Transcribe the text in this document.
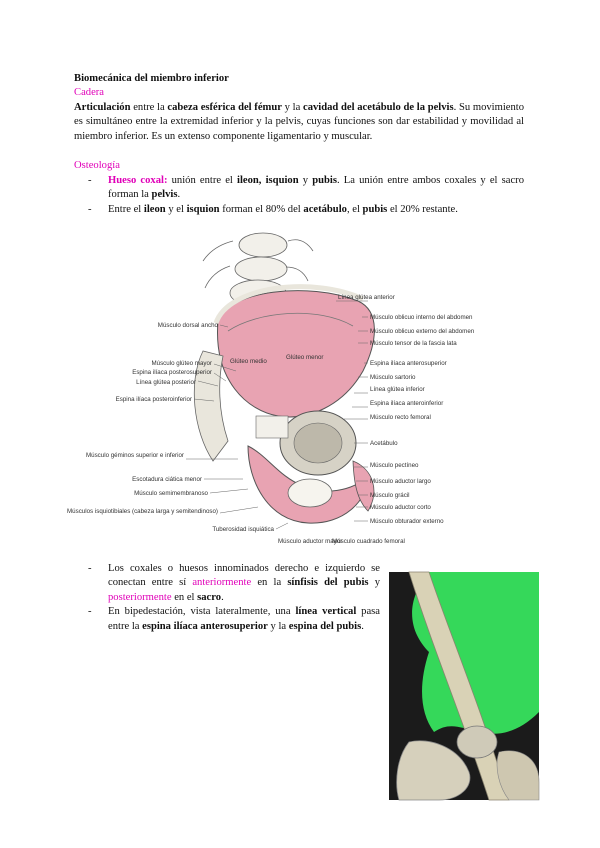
Biomecánica del miembro inferior
Cadera
Articulación entre la cabeza esférica del fémur y la cavidad del acetábulo de la pelvis. Su movimiento es simultáneo entre la extremidad inferior y la pelvis, cuyas funciones son dar estabilidad y movilidad al miembro inferior. Es un extenso componente ligamentario y muscular.
Osteología
- Hueso coxal: unión entre el ileon, isquion y pubis. La unión entre ambos coxales y el sacro forman la pelvis.
- Entre el ileon y el isquion forman el 80% del acetábulo, el pubis el 20% restante.
Glúteo menor
Glúteo medio
Músculo dorsal ancho
Músculo glúteo mayor
Espina ilíaca posterosuperior
Línea glútea posterior
Espina ilíaca posteroinferior
Músculo géminos superior e inferior
Escotadura ciática menor
Músculo semimembranoso
Músculos isquiotibiales (cabeza larga y semitendinoso)
Tuberosidad isquiática
Músculo aductor mayor
Músculo cuadrado femoral
Línea glútea anterior
Músculo oblicuo interno del abdomen
Músculo oblicuo externo del abdomen
Músculo tensor de la fascia lata
Espina ilíaca anterosuperior
Músculo sartorio
Línea glútea inferior
Espina ilíaca anteroinferior
Músculo recto femoral
Acetábulo
Músculo pectíneo
Músculo aductor largo
Músculo grácil
Músculo aductor corto
Músculo obturador externo
- Los coxales o huesos innominados derecho e izquierdo se conectan entre sí anteriormente en la sínfisis del pubis y posteriormente en el sacro.
- En bipedestación, vista lateralmente, una línea vertical pasa entre la espina ilíaca anterosuperior y la espina del pubis.
